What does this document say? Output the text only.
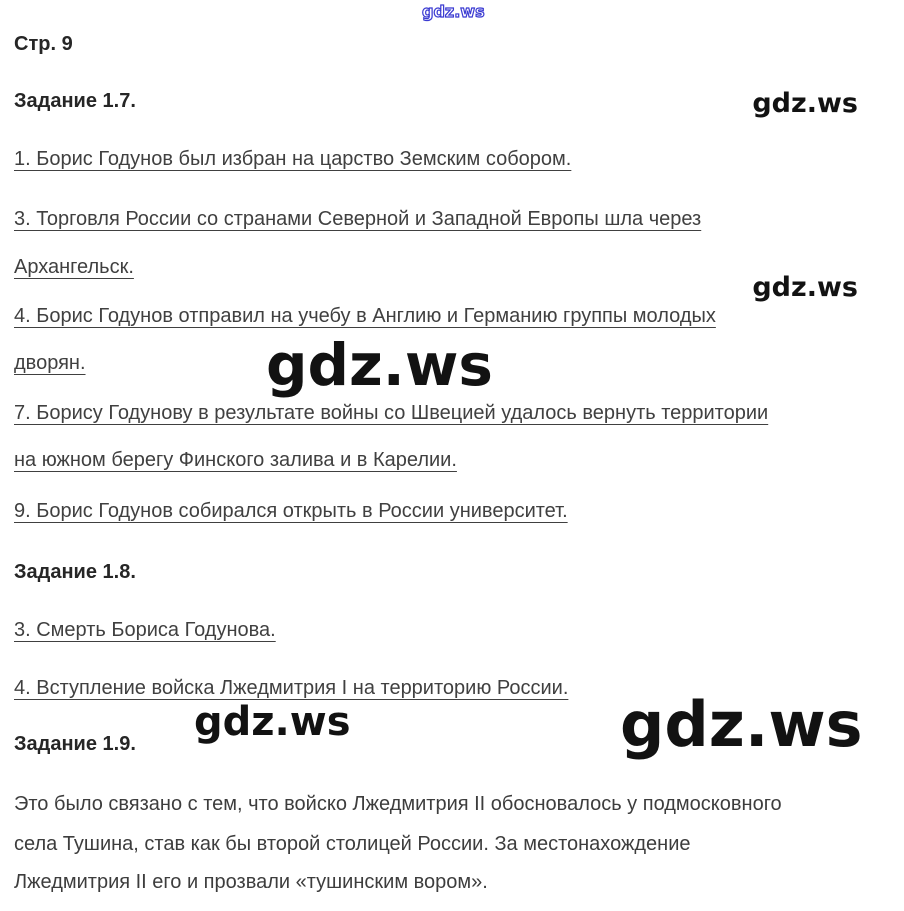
gdz.ws
gdz.ws
gdz.ws
gdz.ws
gdz.ws	gdz.ws
Стр. 9
Задание 1.7.
1. Борис Годунов был избран на царство Земским собором.
3. Торговля России со странами Северной и Западной Европы шла через
Архангельск.
4. Борис Годунов отправил на учебу в Англию и Германию группы молодых
дворян.
7. Борису Годунову в результате войны со Швецией удалось вернуть территории
на южном берегу Финского залива и в Карелии.
9. Борис Годунов собирался открыть в России университет.
Задание 1.8.
3. Смерть Бориса Годунова.
4. Вступление войска Лжедмитрия I на территорию России.
Задание 1.9.
Это было связано с тем, что войско Лжедмитрия II обосновалось у подмосковного
села Тушина, став как бы второй столицей России. За местонахождение
Лжедмитрия II его и прозвали «тушинским вором».
